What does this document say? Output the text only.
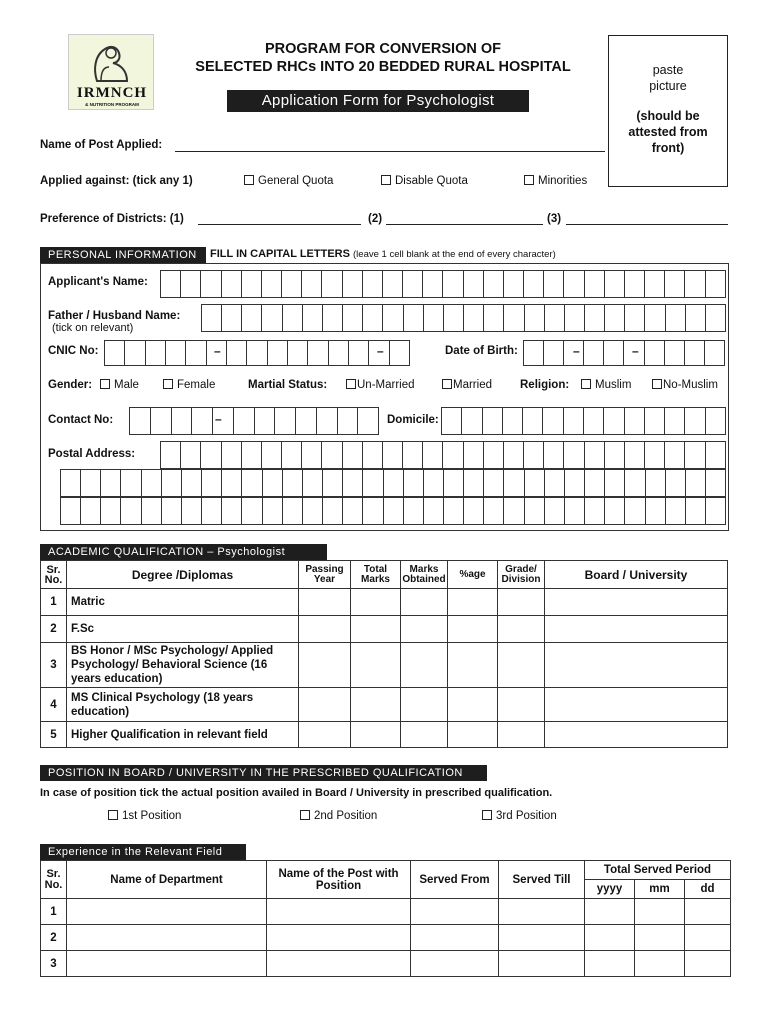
IRMNCH
& NUTRITION PROGRAM
PROGRAM FOR CONVERSION OF
SELECTED RHCs INTO 20 BEDDED RURAL HOSPITAL
Application Form for Psychologist
paste
picture
(should be
attested from
front)
Name of Post Applied:
Applied against: (tick any 1)	General Quota	Disable Quota	Minorities
Preference of Districts: (1)	(2)	(3)
PERSONAL INFORMATION	FILL IN CAPITAL LETTERS (leave 1 cell blank at the end of every character)
Applicant's Name:
Father / Husband Name:
(tick on relevant)
CNIC No:	–	–	Date of Birth:	–	–
Gender:	Male	Female	Martial Status:	Un-Married	Married Religion:	Muslim	No-Muslim
Contact No:	–	Domicile:
Postal Address:
ACADEMIC QUALIFICATION – Psychologist
Sr. No.	Degree /Diplomas	Passing Year	Total Marks	Marks Obtained	%age	Grade/ Division	Board / University
1	Matric						
2	F.Sc						
3	BS Honor / MSc Psychology/ Applied Psychology/ Behavioral Science (16 years education)						
4	MS Clinical Psychology (18 years education)						
5	Higher Qualification in relevant field						
POSITION IN BOARD / UNIVERSITY IN THE PRESCRIBED QUALIFICATION
In case of position tick the actual position availed in Board / University in prescribed qualification.
1st Position	2nd Position	3rd Position
Experience in the Relevant Field
Sr. No.	Name of Department	Name of the Post with Position	Served From	Served Till	Total Served Period		
					yyyy	mm	dd
1							
2							
3							
